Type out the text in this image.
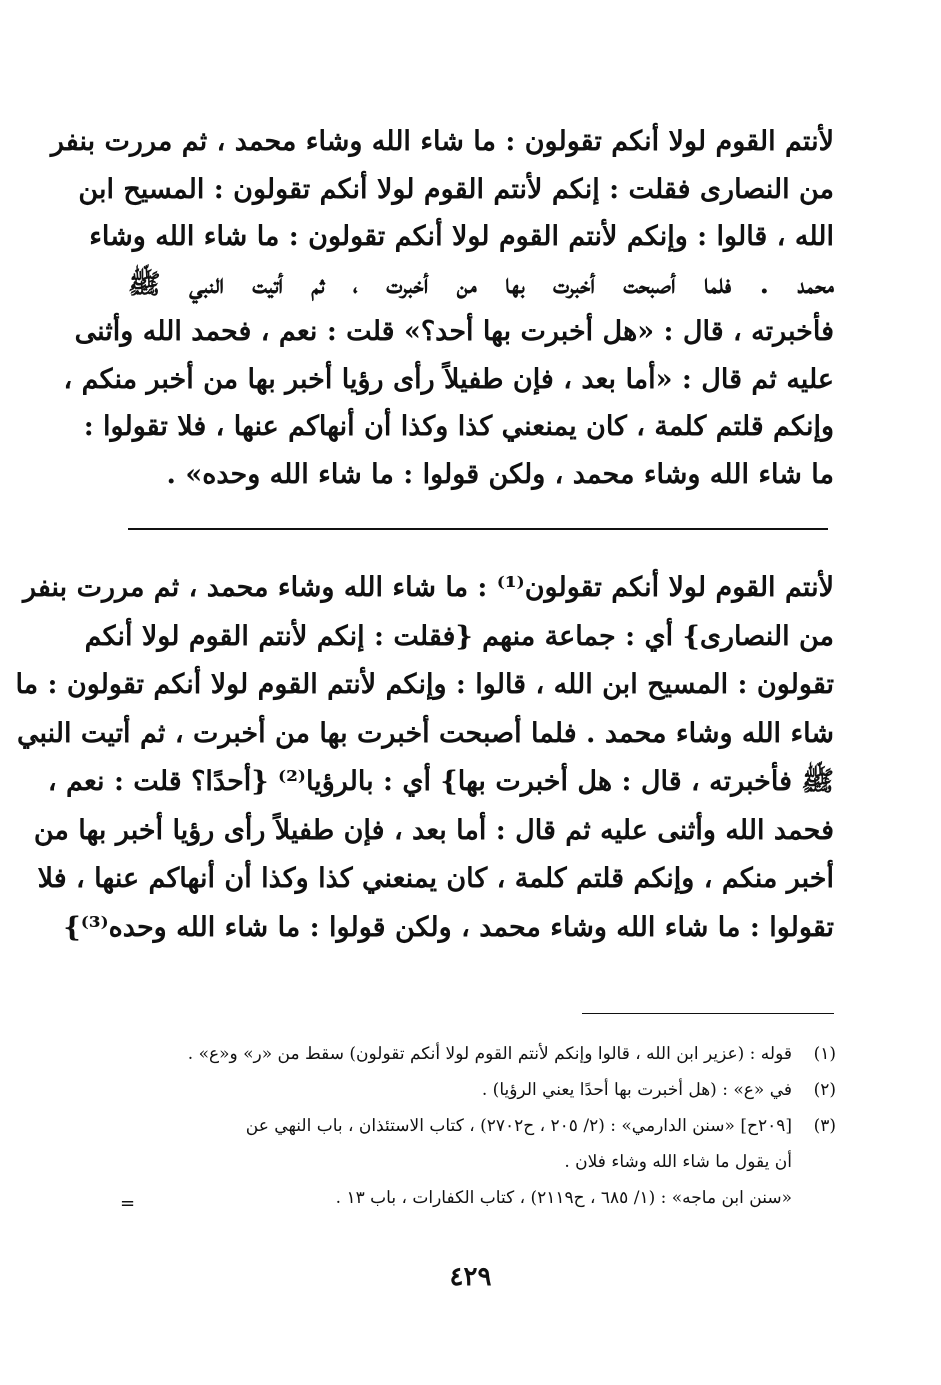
لأنتم القوم لولا أنكم تقولون : ما شاء الله وشاء محمد ، ثم مررت بنفر
من النصارى فقلت : إنكم لأنتم القوم لولا أنكم تقولون : المسيح ابن
الله ، قالوا : وإنكم لأنتم القوم لولا أنكم تقولون : ما شاء الله وشاء
محمد . فلما أصبحت أخبرت بها من أخبرت ، ثم أتيت النبي ﷺ
فأخبرته ، قال : «هل أخبرت بها أحد؟» قلت : نعم ، فحمد الله وأثنى
عليه ثم قال : «أما بعد ، فإن طفيلاً رأى رؤيا أخبر بها من أخبر منكم ،
وإنكم قلتم كلمة ، كان يمنعني كذا وكذا أن أنهاكم عنها ، فلا تقولوا :
ما شاء الله وشاء محمد ، ولكن قولوا : ما شاء الله وحده» .
لأنتم القوم لولا أنكم تقولون⁽¹⁾ : ما شاء الله وشاء محمد ، ثم مررت بنفر
من النصارى} أي : جماعة منهم {فقلت : إنكم لأنتم القوم لولا أنكم
تقولون : المسيح ابن الله ، قالوا : وإنكم لأنتم القوم لولا أنكم تقولون : ما
شاء الله وشاء محمد . فلما أصبحت أخبرت بها من أخبرت ، ثم أتيت النبي
ﷺ فأخبرته ، قال : هل أخبرت بها} أي : بالرؤيا⁽²⁾ {أحدًا؟ قلت : نعم ،
فحمد الله وأثنى عليه ثم قال : أما بعد ، فإن طفيلاً رأى رؤيا أخبر بها من
أخبر منكم ، وإنكم قلتم كلمة ، كان يمنعني كذا وكذا أن أنهاكم عنها ، فلا
تقولوا : ما شاء الله وشاء محمد ، ولكن قولوا : ما شاء الله وحده⁽³⁾}
(١)
قوله : (عزير ابن الله ، قالوا وإنكم لأنتم القوم لولا أنكم تقولون) سقط من «ر» و«ع» .
(٢)
في «ع» : (هل أخبرت بها أحدًا يعني الرؤيا) .
(٣)
[٢٠٩ح] «سنن الدارمي» : (٢/ ٢٠٥ ، ح٢٧٠٢) ، كتاب الاستئذان ، باب النهي عن
أن يقول ما شاء الله وشاء فلان .
«سنن ابن ماجه» : (١/ ٦٨٥ ، ح٢١١٩) ، كتاب الكفارات ، باب ١٣ .
=
٤٢٩
